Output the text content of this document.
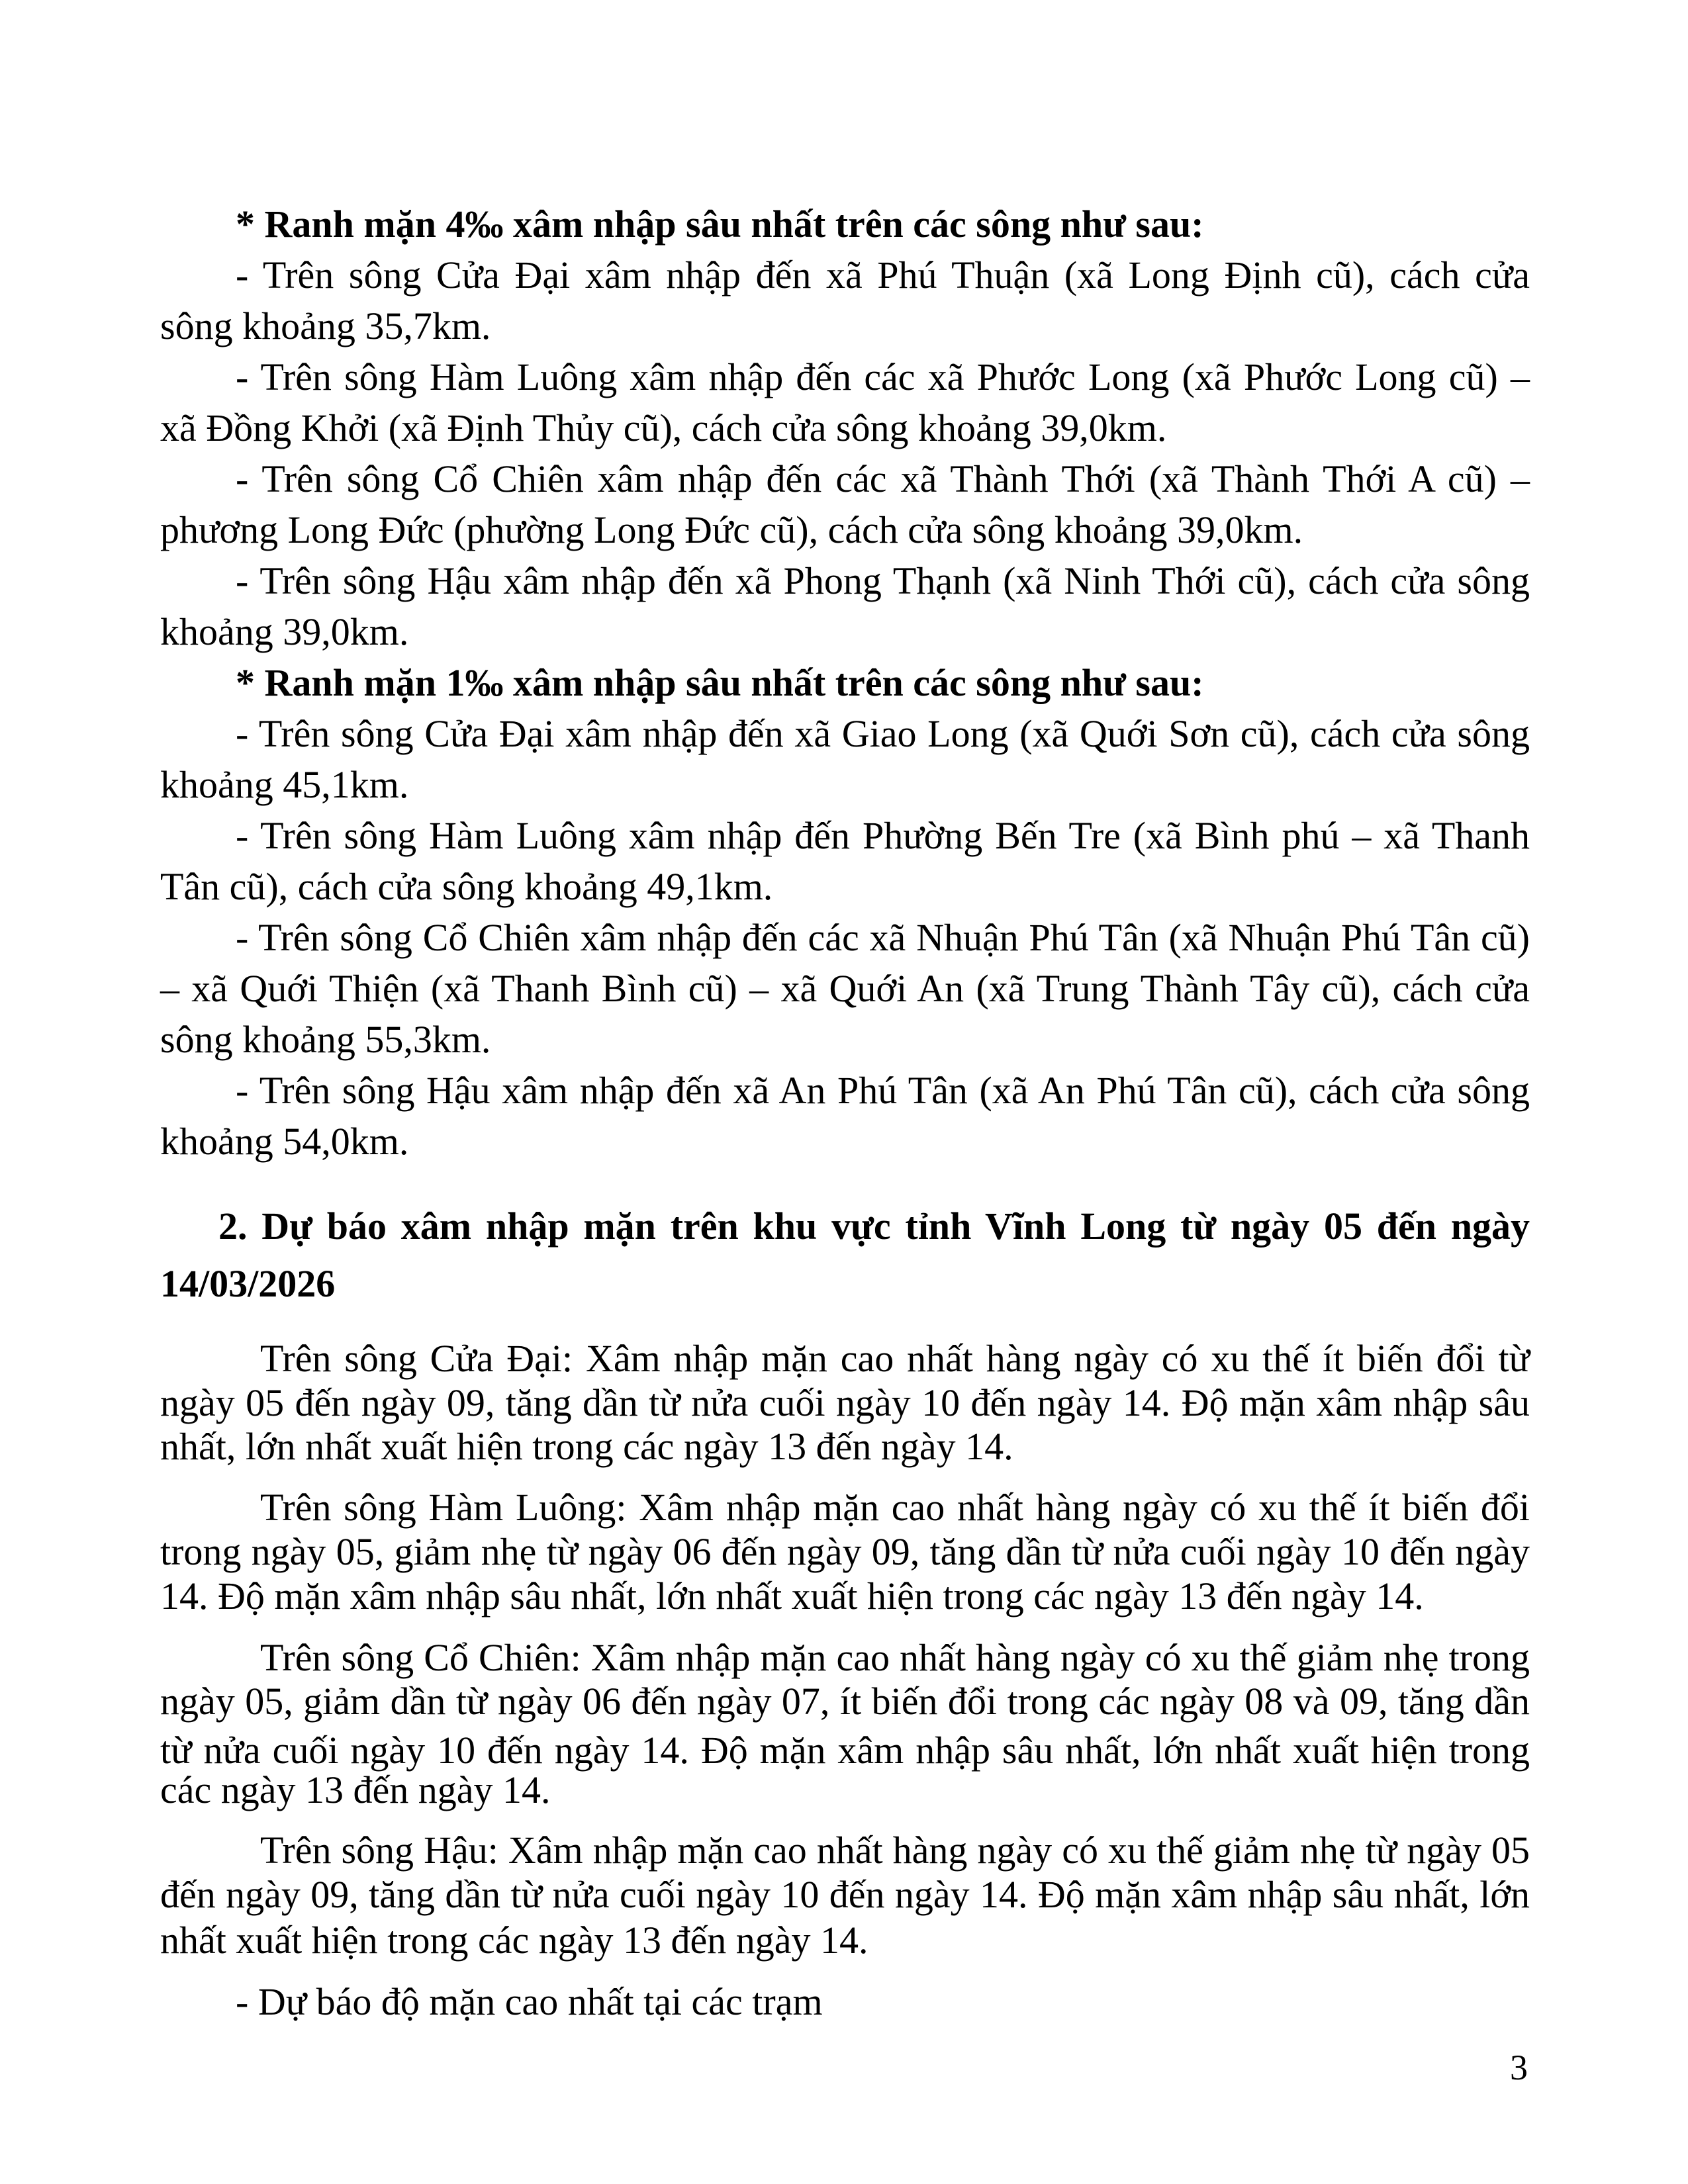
* Ranh mặn 4‰ xâm nhập sâu nhất trên các sông như sau:
- Trên sông Cửa Đại xâm nhập đến xã Phú Thuận (xã Long Định cũ), cách cửa
sông khoảng 35,7km.
- Trên sông Hàm Luông xâm nhập đến các xã Phước Long (xã Phước Long cũ) –
xã Đồng Khởi (xã Định Thủy cũ), cách cửa sông khoảng 39,0km.
- Trên sông Cổ Chiên xâm nhập đến các xã Thành Thới (xã Thành Thới A cũ) –
phương Long Đức (phường Long Đức cũ), cách cửa sông khoảng 39,0km.
- Trên sông Hậu xâm nhập đến xã Phong Thạnh (xã Ninh Thới cũ), cách cửa sông
khoảng 39,0km.
* Ranh mặn 1‰ xâm nhập sâu nhất trên các sông như sau:
- Trên sông Cửa Đại xâm nhập đến xã Giao Long (xã Quới Sơn cũ), cách cửa sông
khoảng 45,1km.
- Trên sông Hàm Luông xâm nhập đến Phường Bến Tre (xã Bình phú – xã Thanh
Tân cũ), cách cửa sông khoảng 49,1km.
- Trên sông Cổ Chiên xâm nhập đến các xã Nhuận Phú Tân (xã Nhuận Phú Tân cũ)
– xã Quới Thiện (xã Thanh Bình cũ) – xã Quới An (xã Trung Thành Tây cũ), cách cửa
sông khoảng 55,3km.
- Trên sông Hậu xâm nhập đến xã An Phú Tân (xã An Phú Tân cũ), cách cửa sông
khoảng 54,0km.
2. Dự báo xâm nhập mặn trên khu vực tỉnh Vĩnh Long từ ngày 05 đến ngày
14/03/2026
Trên sông Cửa Đại: Xâm nhập mặn cao nhất hàng ngày có xu thế ít biến đổi từ
ngày 05 đến ngày 09, tăng dần từ nửa cuối ngày 10 đến ngày 14. Độ mặn xâm nhập sâu
nhất, lớn nhất xuất hiện trong các ngày 13 đến ngày 14.
Trên sông Hàm Luông: Xâm nhập mặn cao nhất hàng ngày có xu thế ít biến đổi
trong ngày 05, giảm nhẹ từ ngày 06 đến ngày 09, tăng dần từ nửa cuối ngày 10 đến ngày
14. Độ mặn xâm nhập sâu nhất, lớn nhất xuất hiện trong các ngày 13 đến ngày 14.
Trên sông Cổ Chiên: Xâm nhập mặn cao nhất hàng ngày có xu thế giảm nhẹ trong
ngày 05, giảm dần từ ngày 06 đến ngày 07, ít biến đổi trong các ngày 08 và 09, tăng dần
từ nửa cuối ngày 10 đến ngày 14. Độ mặn xâm nhập sâu nhất, lớn nhất xuất hiện trong
các ngày 13 đến ngày 14.
Trên sông Hậu: Xâm nhập mặn cao nhất hàng ngày có xu thế giảm nhẹ từ ngày 05
đến ngày 09, tăng dần từ nửa cuối ngày 10 đến ngày 14. Độ mặn xâm nhập sâu nhất, lớn
nhất xuất hiện trong các ngày 13 đến ngày 14.
- Dự báo độ mặn cao nhất tại các trạm
3
